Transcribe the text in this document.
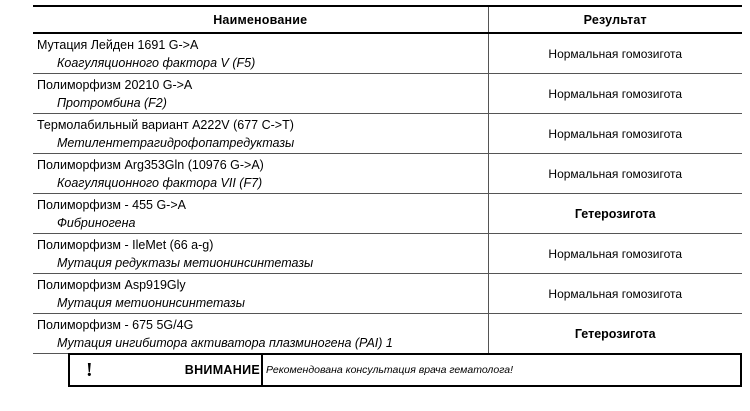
Наименование	Результат

Мутация Лейден 1691 G->A
Коагуляционного фактора V (F5)	Нормальная гомозигота

Полиморфизм 20210 G->A
Протромбина (F2)	Нормальная гомозигота

Термолабильный вариант A222V (677 C->T)
Метилентетрагидрофопатредуктазы	Нормальная гомозигота

Полиморфизм Arg353Gln (10976 G->A)
Коагуляционного фактора VII (F7)	Нормальная гомозигота

Полиморфизм - 455 G->A
Фибриногена	Гетерозигота

Полиморфизм - IleMet (66 a-g)
Мутация редуктазы метионинсинтетазы	Нормальная гомозигота

Полиморфизм Asp919Gly
Мутация метионинсинтетазы	Нормальная гомозигота

Полиморфизм - 675 5G/4G
Мутация ингибитора активатора плазминогена (PAI) 1	Гетерозигота
!	ВНИМАНИЕ Рекомендована консультация врача гематолога!
